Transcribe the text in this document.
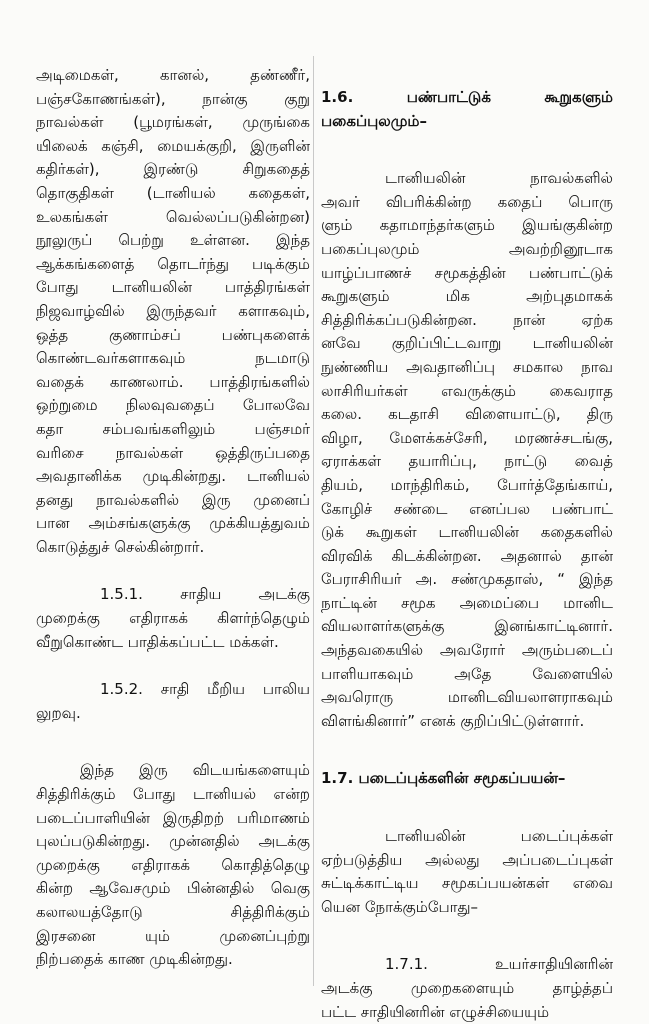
அடிமைகள், கானல், தண்ணீர்,
பஞ்சகோணங்கள்), நான்கு குறு
நாவல்கள் (பூமரங்கள், முருங்கை
யிலைக் கஞ்சி, மையக்குறி, இருளின்
கதிர்கள்), இரண்டு சிறுகதைத்
தொகுதிகள் (டானியல் கதைகள்,
உலகங்கள் வெல்லப்படுகின்றன)
நூலுருப் பெற்று உள்ளன. இந்த
ஆக்கங்களைத் தொடர்ந்து படிக்கும்
போது டானியலின் பாத்திரங்கள்
நிஜவாழ்வில் இருந்தவர் களாகவும்,
ஒத்த குணாம்சப் பண்புகளைக்
கொண்டவர்களாகவும் நடமாடு
வதைக் காணலாம். பாத்திரங்களில்
ஒற்றுமை நிலவுவதைப் போலவே
கதா சம்பவங்களிலும் பஞ்சமர்
வரிசை நாவல்கள் ஒத்திருப்பதை
அவதானிக்க முடிகின்றது. டானியல்
தனது நாவல்களில் இரு முனைப்
பான அம்சங்களுக்கு முக்கியத்துவம்
கொடுத்துச் செல்கின்றார்.
1.5.1. சாதிய அடக்கு
முறைக்கு எதிராகக் கிளர்ந்தெழும்
வீறுகொண்ட பாதிக்கப்பட்ட மக்கள்.
1.5.2. சாதி மீறிய பாலிய
லுறவு.
இந்த இரு விடயங்களையும்
சித்திரிக்கும் போது டானியல் என்ற
படைப்பாளியின் இருதிறற் பரிமாணம்
புலப்படுகின்றது. முன்னதில் அடக்கு
முறைக்கு எதிராகக் கொதித்தெழு
கின்ற ஆவேசமும் பின்னதில் வெகு
கலாலயத்தோடு சித்திரிக்கும்
இரசனை யும் முனைப்புற்று
நிற்பதைக் காண முடிகின்றது.
1.6. பண்பாட்டுக் கூறுகளும்
பகைப்புலமும்–
டானியலின் நாவல்களில்
அவர் விபரிக்கின்ற கதைப் பொரு
ளும் கதாமாந்தர்களும் இயங்குகின்ற
பகைப்புலமும் அவற்றினூடாக
யாழ்ப்பாணச் சமூகத்தின் பண்பாட்டுக்
கூறுகளும் மிக அற்புதமாகக்
சித்திரிக்கப்படுகின்றன. நான் ஏற்க
னவே குறிப்பிட்டவாறு டானியலின்
நுண்ணிய அவதானிப்பு சமகால நாவ
லாசிரியர்கள் எவருக்கும் கைவராத
கலை. கடதாசி விளையாட்டு, திரு
விழா, மேளக்கச்சேரி, மரணச்சடங்கு,
ஏராக்கள் தயாரிப்பு, நாட்டு வைத்
தியம், மாந்திரிகம், போர்த்தேங்காய்,
கோழிச் சண்டை எனப்பல பண்பாட்
டுக் கூறுகள் டானியலின் கதைகளில்
விரவிக் கிடக்கின்றன. அதனால் தான்
பேராசிரியர் அ. சண்முகதாஸ், “ இந்த
நாட்டின் சமூக அமைப்பை மானிட
வியலாளர்களுக்கு இனங்காட்டினார்.
அந்தவகையில் அவரோர் அரும்படைப்
பாளியாகவும் அதே வேளையில்
அவரொரு மானிடவியலாளராகவும்
விளங்கினார்” எனக் குறிப்பிட்டுள்ளார்.
1.7. படைப்புக்களின் சமூகப்பயன்–
டானியலின் படைப்புக்கள்
ஏற்படுத்திய அல்லது அப்படைப்புகள்
சுட்டிக்காட்டிய சமூகப்பயன்கள் எவை
யென நோக்கும்போது–
1.7.1. உயர்சாதியினரின்
அடக்கு முறைகளையும் தாழ்த்தப்
பட்ட சாதியினரின் எழுச்சியையும்
